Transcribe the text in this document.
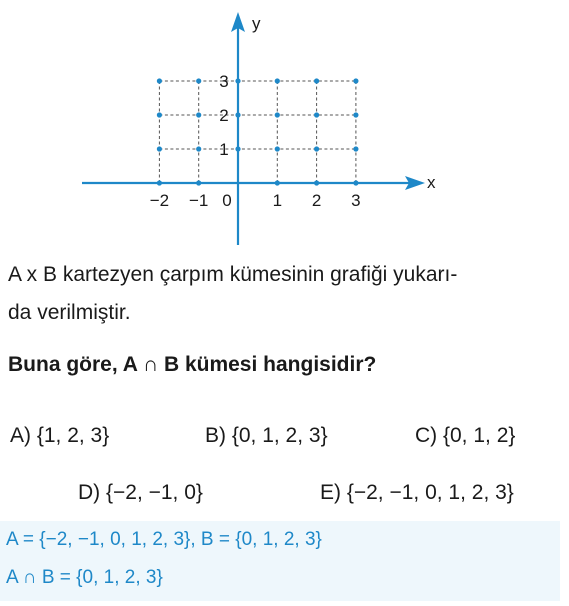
y
x
−2 −1 0 1 2 3
1
2
3
A x B kartezyen çarpım kümesinin grafiği yukarı-
da verilmiştir.
Buna göre, A ∩ B kümesi hangisidir?
A) {1, 2, 3}	B) {0, 1, 2, 3}	C) {0, 1, 2}
D) {−2, −1, 0}	E) {−2, −1, 0, 1, 2, 3}
A = {−2, −1, 0, 1, 2, 3}, B = {0, 1, 2, 3}
A ∩ B = {0, 1, 2, 3}
